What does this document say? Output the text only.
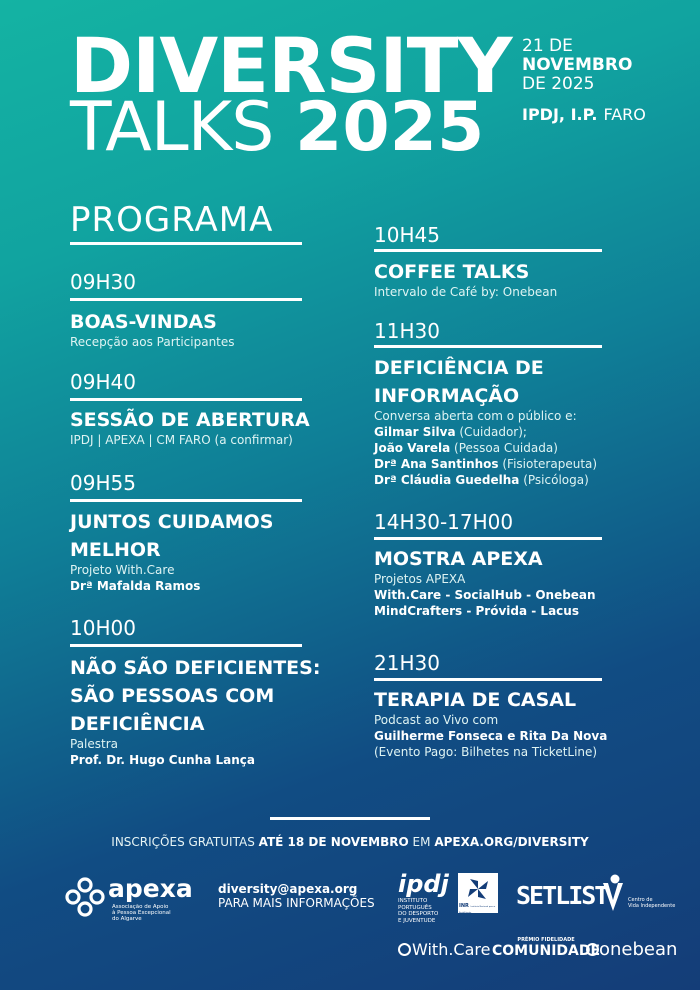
DIVERSITY
TALKS 2025
21 DE
NOVEMBRO
DE 2025
IPDJ, I.P. FARO
PROGRAMA
09H30
BOAS-VINDAS
Recepção aos Participantes
09H40
SESSÃO DE ABERTURA
IPDJ | APEXA | CM FARO (a confirmar)
09H55
JUNTOS CUIDAMOS
MELHOR
Projeto With.Care
Drª Mafalda Ramos
10H00
NÃO SÃO DEFICIENTES:
SÃO PESSOAS COM
DEFICIÊNCIA
Palestra
Prof. Dr. Hugo Cunha Lança
10H45
COFFEE TALKS
Intervalo de Café by: Onebean
11H30
DEFICIÊNCIA DE
INFORMAÇÃO
Conversa aberta com o público e:
Gilmar Silva (Cuidador);
João Varela (Pessoa Cuidada)
Drª Ana Santinhos (Fisioterapeuta)
Drª Cláudia Guedelha (Psicóloga)
14H30-17H00
MOSTRA APEXA
Projetos APEXA
With.Care - SocialHub - Onebean
MindCrafters - Próvida - Lacus
21H30
TERAPIA DE CASAL
Podcast ao Vivo com
Guilherme Fonseca e Rita Da Nova
(Evento Pago: Bilhetes na TicketLine)
INSCRIÇÕES GRATUITAS ATÉ 18 DE NOVEMBRO EM APEXA.ORG/DIVERSITY
apexa
Associação de Apoio
à Pessoa Excepcional
do Algarve
diversity@apexa.org
PARA MAIS INFORMAÇÕES
ipdj
INSTITUTO
PORTUGUÊS
DO DESPORTO
E JUVENTUDE
INR Instituto Nacional para a Reabilitação
SETLIST	Centro de
Vida Independente
With.Care	PRÉMIO FIDELIDADE
COMUNIDADE
onebean
